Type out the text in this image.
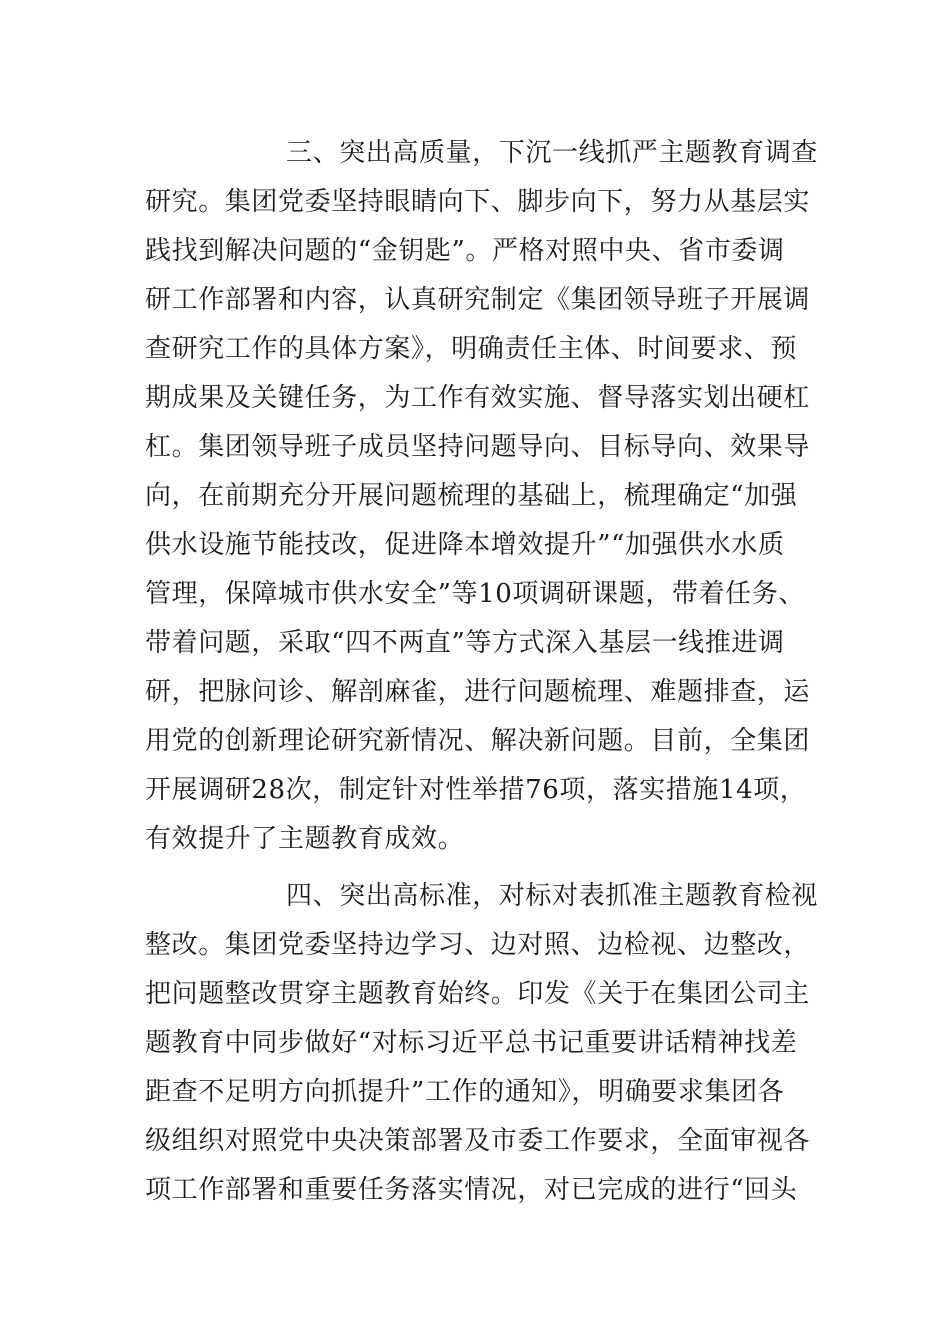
三、突出高质量，下沉一线抓严主题教育调查
研究。集团党委坚持眼睛向下、脚步向下，努力从基层实
践找到解决问题的“金钥匙”。严格对照中央、省市委调
研工作部署和内容，认真研究制定《集团领导班子开展调
查研究工作的具体方案》，明确责任主体、时间要求、预
期成果及关键任务，为工作有效实施、督导落实划出硬杠
杠。集团领导班子成员坚持问题导向、目标导向、效果导
向，在前期充分开展问题梳理的基础上，梳理确定“加强
供水设施节能技改，促进降本增效提升”“加强供水水质
管理，保障城市供水安全”等10项调研课题，带着任务、
带着问题，采取“四不两直”等方式深入基层一线推进调
研，把脉问诊、解剖麻雀，进行问题梳理、难题排查，运
用党的创新理论研究新情况、解决新问题。目前，全集团
开展调研28次，制定针对性举措76项，落实措施14项，
有效提升了主题教育成效。
四、突出高标准，对标对表抓准主题教育检视
整改。集团党委坚持边学习、边对照、边检视、边整改，
把问题整改贯穿主题教育始终。印发《关于在集团公司主
题教育中同步做好“对标习近平总书记重要讲话精神找差
距查不足明方向抓提升”工作的通知》，明确要求集团各
级组织对照党中央决策部署及市委工作要求，全面审视各
项工作部署和重要任务落实情况，对已完成的进行“回头
